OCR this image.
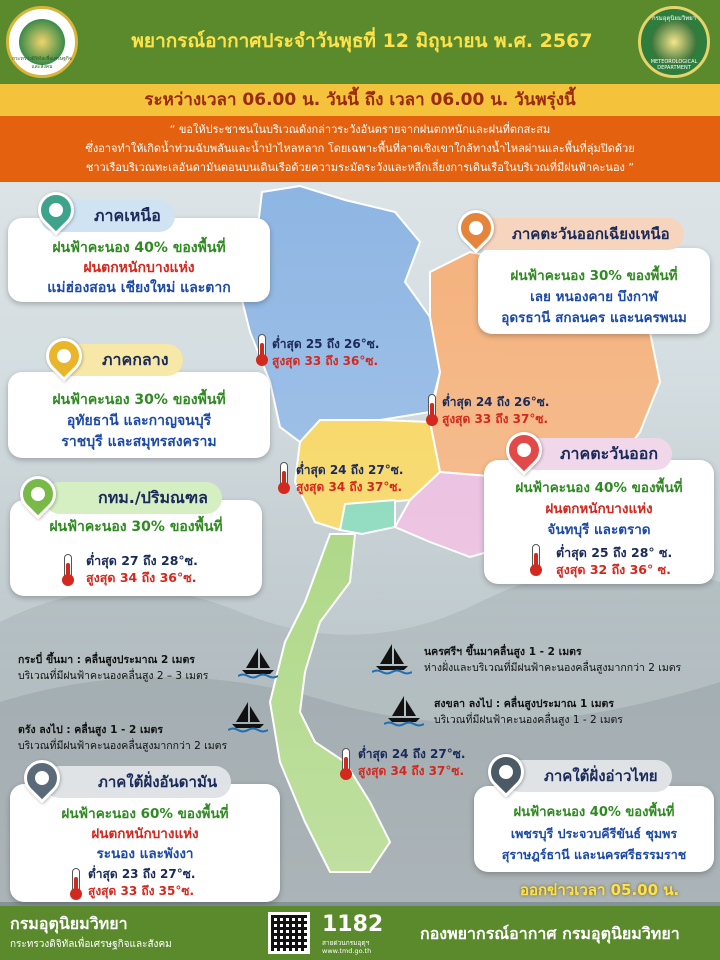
กระทรวงดิจิทัลเพื่อเศรษฐกิจและสังคม
พยากรณ์อากาศประจำวันพุธที่ 12 มิถุนายน พ.ศ. 2567
กรมอุตุนิยมวิทยา
METEOROLOGICAL DEPARTMENT
ระหว่างเวลา 06.00 น. วันนี้ ถึง เวลา 06.00 น. วันพรุ่งนี้
“ ขอให้ประชาชนในบริเวณดังกล่าวระวังอันตรายจากฝนตกหนักและฝนที่ตกสะสม
ซึ่งอาจทำให้เกิดน้ำท่วมฉับพลันและน้ำป่าไหลหลาก โดยเฉพาะพื้นที่ลาดเชิงเขาใกล้ทางน้ำไหลผ่านและพื้นที่ลุ่มปิดด้วย
ชาวเรือบริเวณทะเลอันดามันตอนบนเดินเรือด้วยความระมัดระวังและหลีกเลี่ยงการเดินเรือในบริเวณที่มีฝนฟ้าคะนอง ”
ฝนฟ้าคะนอง 40% ของพื้นที่
ฝนตกหนักบางแห่ง
แม่ฮ่องสอน เชียงใหม่ และตาก
ภาคเหนือ
ต่ำสุด 25 ถึง 26°ซ.
สูงสุด 33 ถึง 36°ซ.
ฝนฟ้าคะนอง 30% ของพื้นที่
เลย หนองคาย บึงกาฬ
อุดรธานี สกลนคร และนครพนม
ภาคตะวันออกเฉียงเหนือ
ต่ำสุด 24 ถึง 26°ซ.
สูงสุด 33 ถึง 37°ซ.
ฝนฟ้าคะนอง 30% ของพื้นที่
อุทัยธานี และกาญจนบุรี
ราชบุรี และสมุทรสงคราม
ภาคกลาง
ต่ำสุด 24 ถึง 27°ซ.
สูงสุด 34 ถึง 37°ซ.	ฝนฟ้าคะนอง 40% ของพื้นที่
ฝนตกหนักบางแห่ง
จันทบุรี และตราด
ภาคตะวันออก
ต่ำสุด 25 ถึง 28° ซ.
สูงสุด 32 ถึง 36° ซ.
ฝนฟ้าคะนอง 30% ของพื้นที่
กทม./ปริมณฑล
ต่ำสุด 27 ถึง 28°ซ.
สูงสุด 34 ถึง 36°ซ.
กระบี่ ขึ้นมา : คลื่นสูงประมาณ 2 เมตร
บริเวณที่มีฝนฟ้าคะนองคลื่นสูง 2 – 3 เมตร
ตรัง ลงไป : คลื่นสูง 1 - 2 เมตร
บริเวณที่มีฝนฟ้าคะนองคลื่นสูงมากกว่า 2 เมตร
นครศรีฯ ขึ้นมาคลื่นสูง 1 - 2 เมตร
ห่างฝั่งและบริเวณที่มีฝนฟ้าคะนองคลื่นสูงมากกว่า 2 เมตร
สงขลา ลงไป : คลื่นสูงประมาณ 1 เมตร
บริเวณที่มีฝนฟ้าคะนองคลื่นสูง 1 - 2 เมตร
ฝนฟ้าคะนอง 60% ของพื้นที่
ฝนตกหนักบางแห่ง
ระนอง และพังงา
ภาคใต้ฝั่งอันดามัน
ต่ำสุด 23 ถึง 27°ซ.
สูงสุด 33 ถึง 35°ซ.
ต่ำสุด 24 ถึง 27°ซ.
สูงสุด 34 ถึง 37°ซ.
ฝนฟ้าคะนอง 40% ของพื้นที่
เพชรบุรี ประจวบคีรีขันธ์ ชุมพร
สุราษฎร์ธานี และนครศรีธรรมราช
ภาคใต้ฝั่งอ่าวไทย
ออกข่าวเวลา 05.00 น.
กรมอุตุนิยมวิทยา
กระทรวงดิจิทัลเพื่อเศรษฐกิจและสังคม
1182
สายด่วนกรมอุตุฯ
www.tmd.go.th
กองพยากรณ์อากาศ กรมอุตุนิยมวิทยา
